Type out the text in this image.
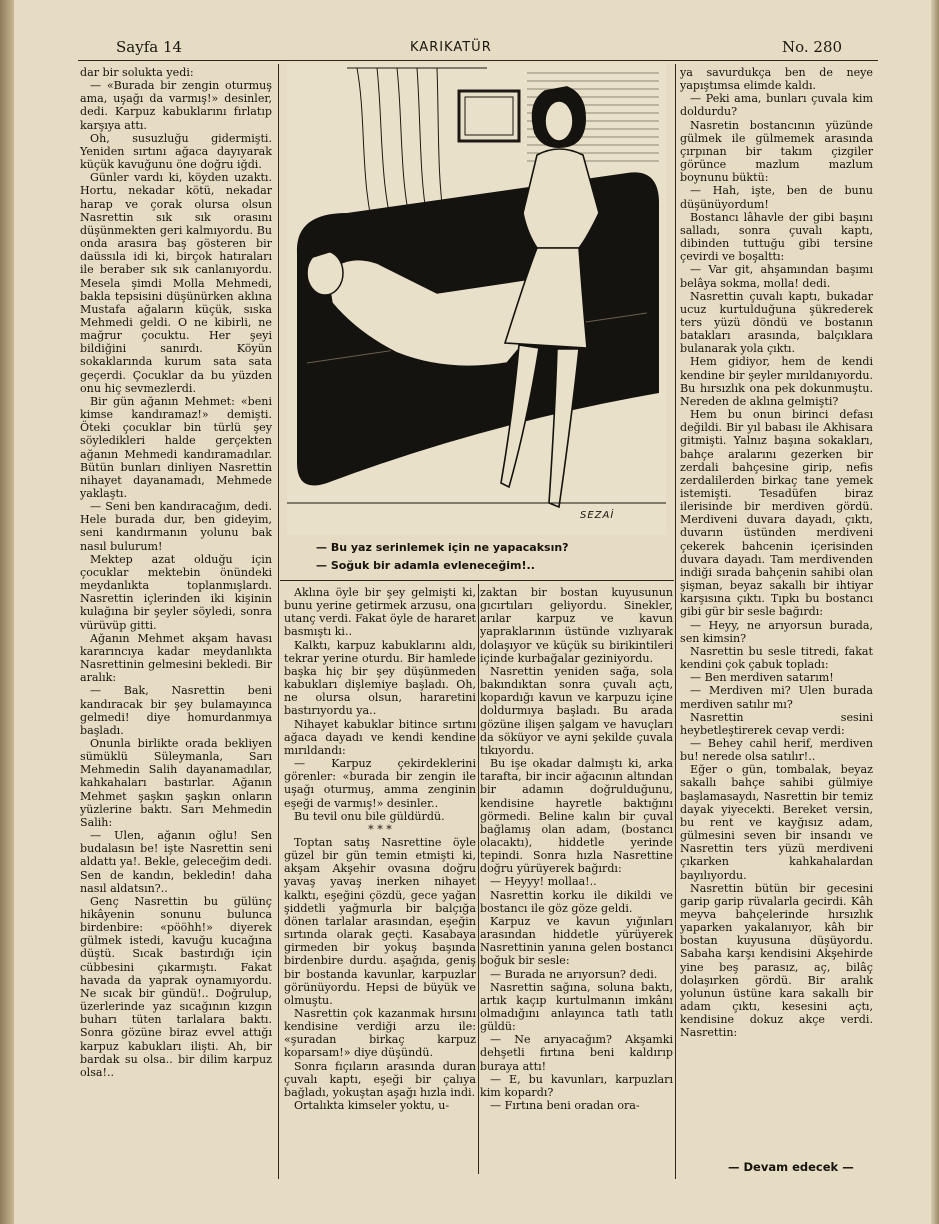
Sayfa 14	KARIKATÜR	No. 280
SEZAİ
— Bu yaz serinlemek için ne yapacaksın?
— Soğuk bir adamla evleneceğim!..

dar bir solukta yedi:

— «Burada bir zengin oturmuş ama, uşağı da varmış!» desinler, dedi. Karpuz kabuklarını fırlatıp karşıya attı.

Oh, susuzluğu gidermişti. Yeniden sırtını ağaca dayıyarak küçük kavuğunu öne doğru iğdi.

Günler vardı ki, köyden uzaktı. Hortu, nekadar kötü, nekadar harap ve çorak olursa olsun Nasrettin sık sık orasını düşünmekten geri kalmıyordu. Bu onda arasıra baş gösteren bir daüssıla idi ki, birçok hatıraları ile beraber sık sık canlanıyordu. Mesela şimdi Molla Mehmedi, bakla tepsisini düşünürken aklına Mustafa ağaların küçük, sıska Mehmedi geldi. O ne kibirli, ne mağrur çocuktu. Her şeyi bildiğini sanırdı. Köyün sokaklarında kurum sata sata geçerdi. Çocuklar da bu yüzden onu hiç sevmezlerdi.

Bir gün ağanın Mehmet: «beni kimse kandıramaz!» demişti. Öteki çocuklar bin türlü şey söyledikleri halde gerçekten ağanın Mehmedi kandıramadılar. Bütün bunları dinliyen Nasrettin nihayet dayanamadı, Mehmede yaklaştı.

— Seni ben kandıracağım, dedi. Hele burada dur, ben gideyim, seni kandırmanın yolunu bak nasıl bulurum!

Mektep azat olduğu için çocuklar mektebin önündeki meydanlıkta toplanmışlardı. Nasrettin içlerinden iki kişinin kulağına bir şeyler söyledi, sonra vürüvüp gitti.

Ağanın Mehmet akşam havası kararıncıya kadar meydanlıkta Nasrettinin gelmesini bekledi. Bir aralık:

— Bak, Nasrettin beni kandıracak bir şey bulamayınca gelmedi! diye homurdanmıya başladı.

Onunla birlikte orada bekliyen sümüklü Süleymanla, Sarı Mehmedin Salih dayanamadılar, kahkahaları bastırlar. Ağanın Mehmet şaşkın şaşkın onların yüzlerine baktı. Sarı Mehmedin Salih:

— Ulen, ağanın oğlu! Sen budalasın be! işte Nasrettin seni aldattı ya!. Bekle, geleceğim dedi. Sen de kandın, bekledin! daha nasıl aldatsın?..

Genç Nasrettin bu gülünç hikâyenin sonunu bulunca birdenbire: «pööhh!» diyerek gülmek istedi, kavuğu kucağına düştü. Sıcak bastırdığı için cübbesini çıkarmıştı. Fakat havada da yaprak oynamıyordu. Ne sıcak bir gündü!.. Doğrulup, üzerlerinde yaz sıcağının kızgın buharı tüten tarlalara baktı. Sonra gözüne biraz evvel attığı karpuz kabukları ilişti. Ah, bir bardak su olsa.. bir dilim karpuz olsa!..

Aklına öyle bir şey gelmişti ki, bunu yerine getirmek arzusu, ona utanç verdi. Fakat öyle de hararet basmıştı ki..

Kalktı, karpuz kabuklarını aldı, tekrar yerine oturdu. Bir hamlede başka hiç bir şey düşünmeden kabukları dişlemiye başladı. Oh, ne olursa olsun, hararetini bastırıyordu ya..

Nihayet kabuklar bitince sırtını ağaca dayadı ve kendi kendine mırıldandı:

— Karpuz çekirdeklerini görenler: «burada bir zengin ile uşağı oturmuş, amma zenginin eşeği de varmış!» desinler..

Bu tevil onu bile güldürdü.

* * *

Toptan satış Nasrettine öyle güzel bir gün temin etmişti ki, akşam Akşehir ovasına doğru yavaş yavaş inerken nihayet kalktı, eşeğini çözdü, gece yağan şiddetli yağmurla bir balçığa dönen tarlalar arasından, eşeğin sırtında olarak geçti. Kasabaya girmeden bir yokuş başında birdenbire durdu. aşağıda, geniş bir bostanda kavunlar, karpuzlar görünüyordu. Hepsi de büyük ve olmuştu.

Nasrettin çok kazanmak hırsını kendisine verdiği arzu ile: «şuradan birkaç karpuz koparsam!» diye düşündü.

Sonra fıçıların arasında duran çuvalı kaptı, eşeği bir çalıya bağladı, yokuştan aşağı hızla indi.

Ortalıkta kimseler yoktu, u-

zaktan bir bostan kuyusunun gıcırtıları geliyordu. Sinekler, arılar karpuz ve kavun yapraklarının üstünde vızlıyarak dolaşıyor ve küçük su birikintileri içinde kurbağalar geziniyordu.

Nasrettin yeniden sağa, sola bakındıktan sonra çuvalı açtı, kopardığı kavun ve karpuzu içine doldurmıya başladı. Bu arada gözüne ilişen şalgam ve havuçları da söküyor ve ayni şekilde çuvala tıkıyordu.

Bu işe okadar dalmıştı ki, arka tarafta, bir incir ağacının altından bir adamın doğrulduğunu, kendisine hayretle baktığını görmedi. Beline kalın bir çuval bağlamış olan adam, (bostancı olacaktı), hiddetle yerinde tepindi. Sonra hızla Nasrettine doğru yürüyerek bağırdı:

— Heyyy! mollaa!..

Nasrettin korku ile dikildi ve bostancı ile göz göze geldi.

Karpuz ve kavun yığınları arasından hiddetle yürüyerek Nasrettinin yanına gelen bostancı boğuk bir sesle:

— Burada ne arıyorsun? dedi.

Nasrettin sağına, soluna baktı, artık kaçıp kurtulmanın imkânı olmadığını anlayınca tatlı tatlı güldü:

— Ne arıyacağım? Akşamki dehşetli fırtına beni kaldırıp buraya attı!

— E, bu kavunları, karpuzları kim kopardı?

— Fırtına beni oradan ora-

ya savurdukça ben de neye yapıştımsa elimde kaldı.

— Peki ama, bunları çuvala kim doldurdu?

Nasretin bostancının yüzünde gülmek ile gülmemek arasında çırpınan bir takım çizgiler görünce mazlum mazlum boynunu büktü:

— Hah, işte, ben de bunu düşünüyordum!

Bostancı lâhavle der gibi başını salladı, sonra çuvalı kaptı, dibinden tuttuğu gibi tersine çevirdi ve boşalttı:

— Var git, ahşamından başımı belâya sokma, molla! dedi.

Nasrettin çuvalı kaptı, bukadar ucuz kurtulduğuna şükrederek ters yüzü döndü ve bostanın batakları arasında, balçıklara bulanarak yola çıktı.

Hem gidiyor, hem de kendi kendine bir şeyler mırıldanıyordu. Bu hırsızlık ona pek dokunmuştu. Nereden de aklına gelmişti?

Hem bu onun birinci defası değildi. Bir yıl babası ile Akhisara gitmişti. Yalnız başına sokakları, bahçe aralarını gezerken bir zerdali bahçesine girip, nefis zerdalilerden birkaç tane yemek istemişti. Tesadüfen biraz ilerisinde bir merdiven gördü. Merdiveni duvara dayadı, çıktı, duvarın üstünden merdiveni çekerek bahcenin içerisinden duvara dayadı. Tam merdivenden indiği sırada bahçenin sahibi olan şişman, beyaz sakallı bir ihtiyar karşısına çıktı. Tıpkı bu bostancı gibi gür bir sesle bağırdı:

— Heyy, ne arıyorsun burada, sen kimsin?

Nasrettin bu sesle titredi, fakat kendini çok çabuk topladı:

— Ben merdiven satarım!

— Merdiven mi? Ulen burada merdiven satılır mı?

Nasrettin sesini heybetleştirerek cevap verdi:

— Behey cahil herif, merdiven bu! nerede olsa satılır!..

Eğer o gün, tombalak, beyaz sakallı bahçe sahibi gülmiye başlamasaydı, Nasrettin bir temiz dayak yiyecekti. Bereket versin, bu rent ve kayğısız adam, gülmesini seven bir insandı ve Nasrettin ters yüzü merdiveni çıkarken kahkahalardan bayılıyordu.

Nasrettin bütün bir gecesini garip garip rüvalarla gecirdi. Kâh meyva bahçelerinde hırsızlık yaparken yakalanıyor, kâh bir bostan kuyusuna düşüyordu. Sabaha karşı kendisini Akşehirde yine beş parasız, aç, bilâç dolaşırken gördü. Bir aralık yolunun üstüne kara sakallı bir adam çıktı, kesesini açtı, kendisine dokuz akçe verdi. Nasrettin:

— Devam edecek —
